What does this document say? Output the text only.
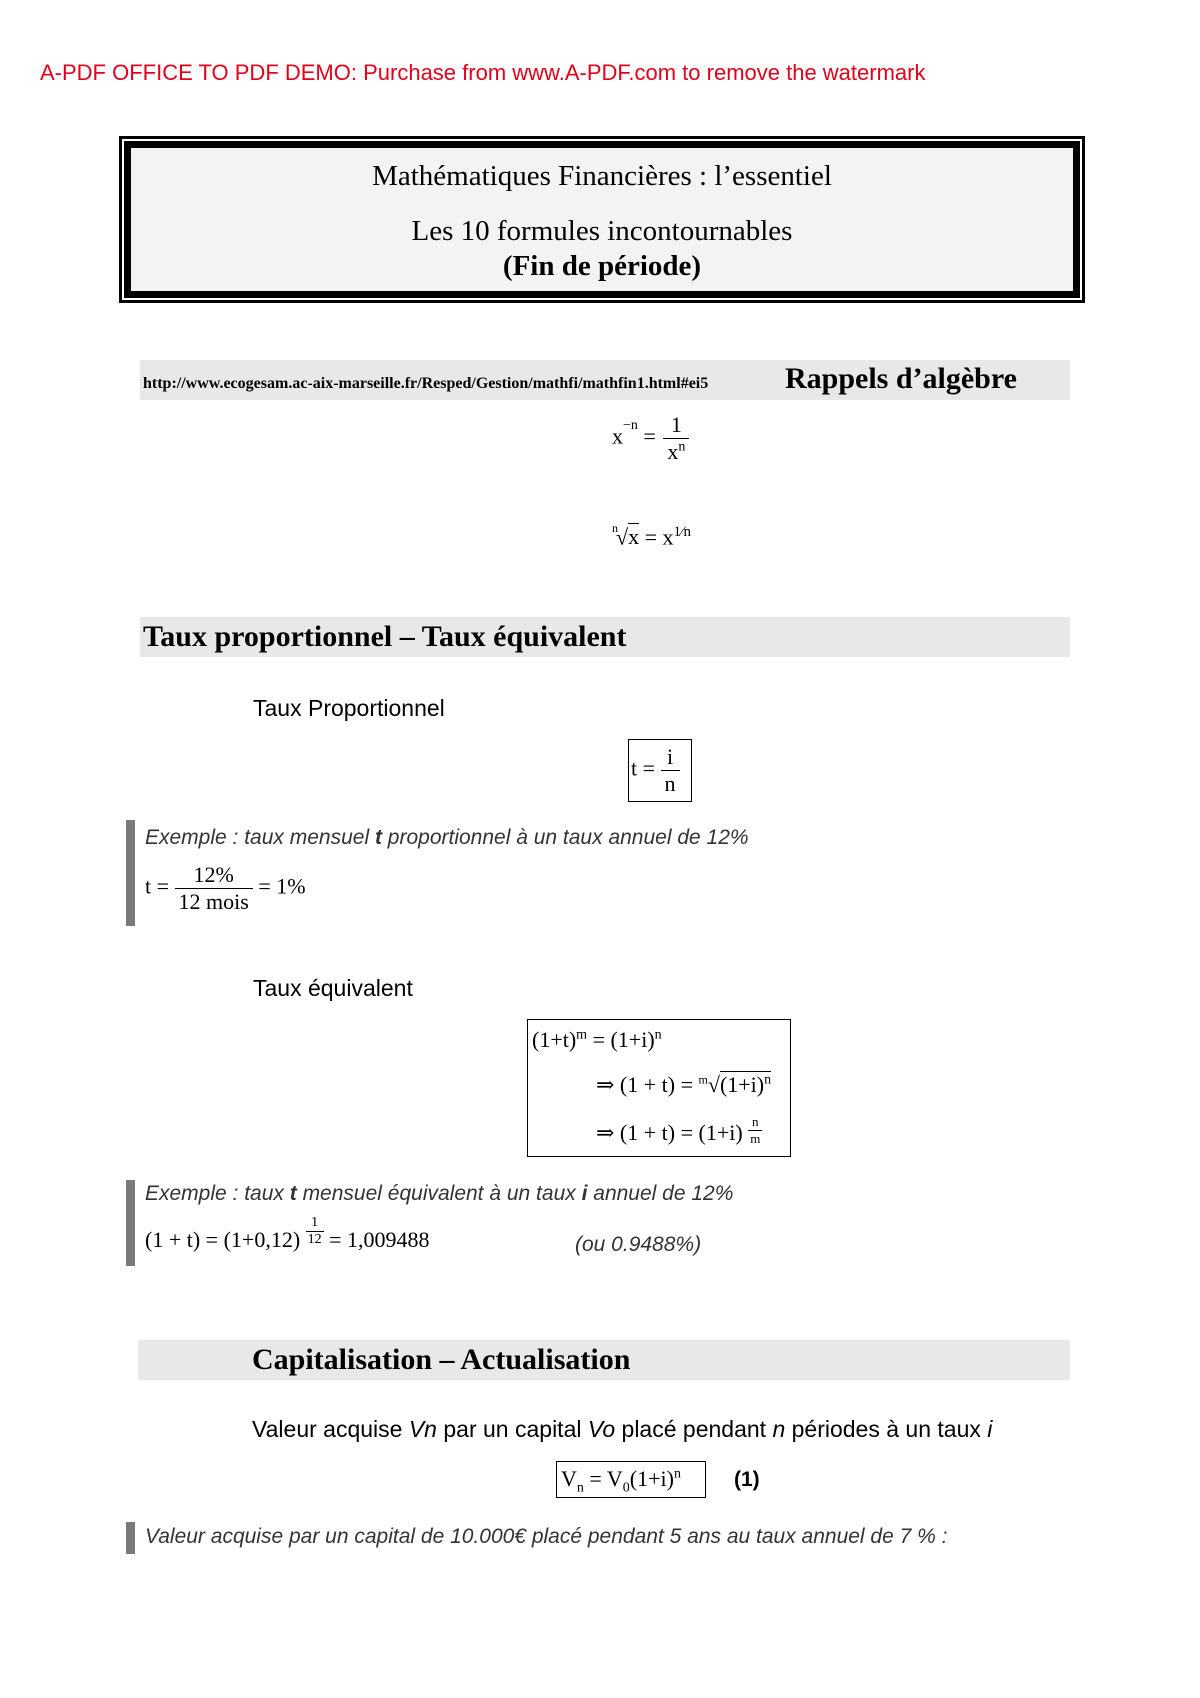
A-PDF OFFICE TO PDF DEMO: Purchase from www.A-PDF.com to remove the watermark
Mathématiques Financières : l’essentiel
Les 10 formules incontournables
(Fin de période)
http://www.ecogesam.ac-aix-marseille.fr/Resped/Gestion/mathfi/mathfin1.html#ei5	Rappels d’algèbre
$x^{-n} = \frac{1}{x^n}$
$^n√x = x^{1⁄n}$
Taux proportionnel – Taux équivalent
Taux Proportionnel
$t = \frac{i}{n}$
Exemple : taux mensuel t proportionnel à un taux annuel de 12%
$t = \frac{12\%}{\text{12 mois}} = 1\%$
Taux équivalent
$(1+t)^m = (1+i)^n$
⇒ $(1 + t) = ^m√(1+i)^n$
⇒ $(1 + t) = (1+i) \frac{n}{m}$
Exemple : taux t mensuel équivalent à un taux i annuel de 12%
$(1 + t) = (1+0,12) \frac{1}{12} = 1,009488$	(ou 0.9488%)
Capitalisation – Actualisation
Valeur acquise Vn par un capital Vo placé pendant n périodes à un taux i
$V_n = V_0(1+i)^n$	(1)
Valeur acquise par un capital de 10.000€ placé pendant 5 ans au taux annuel de 7 % :
